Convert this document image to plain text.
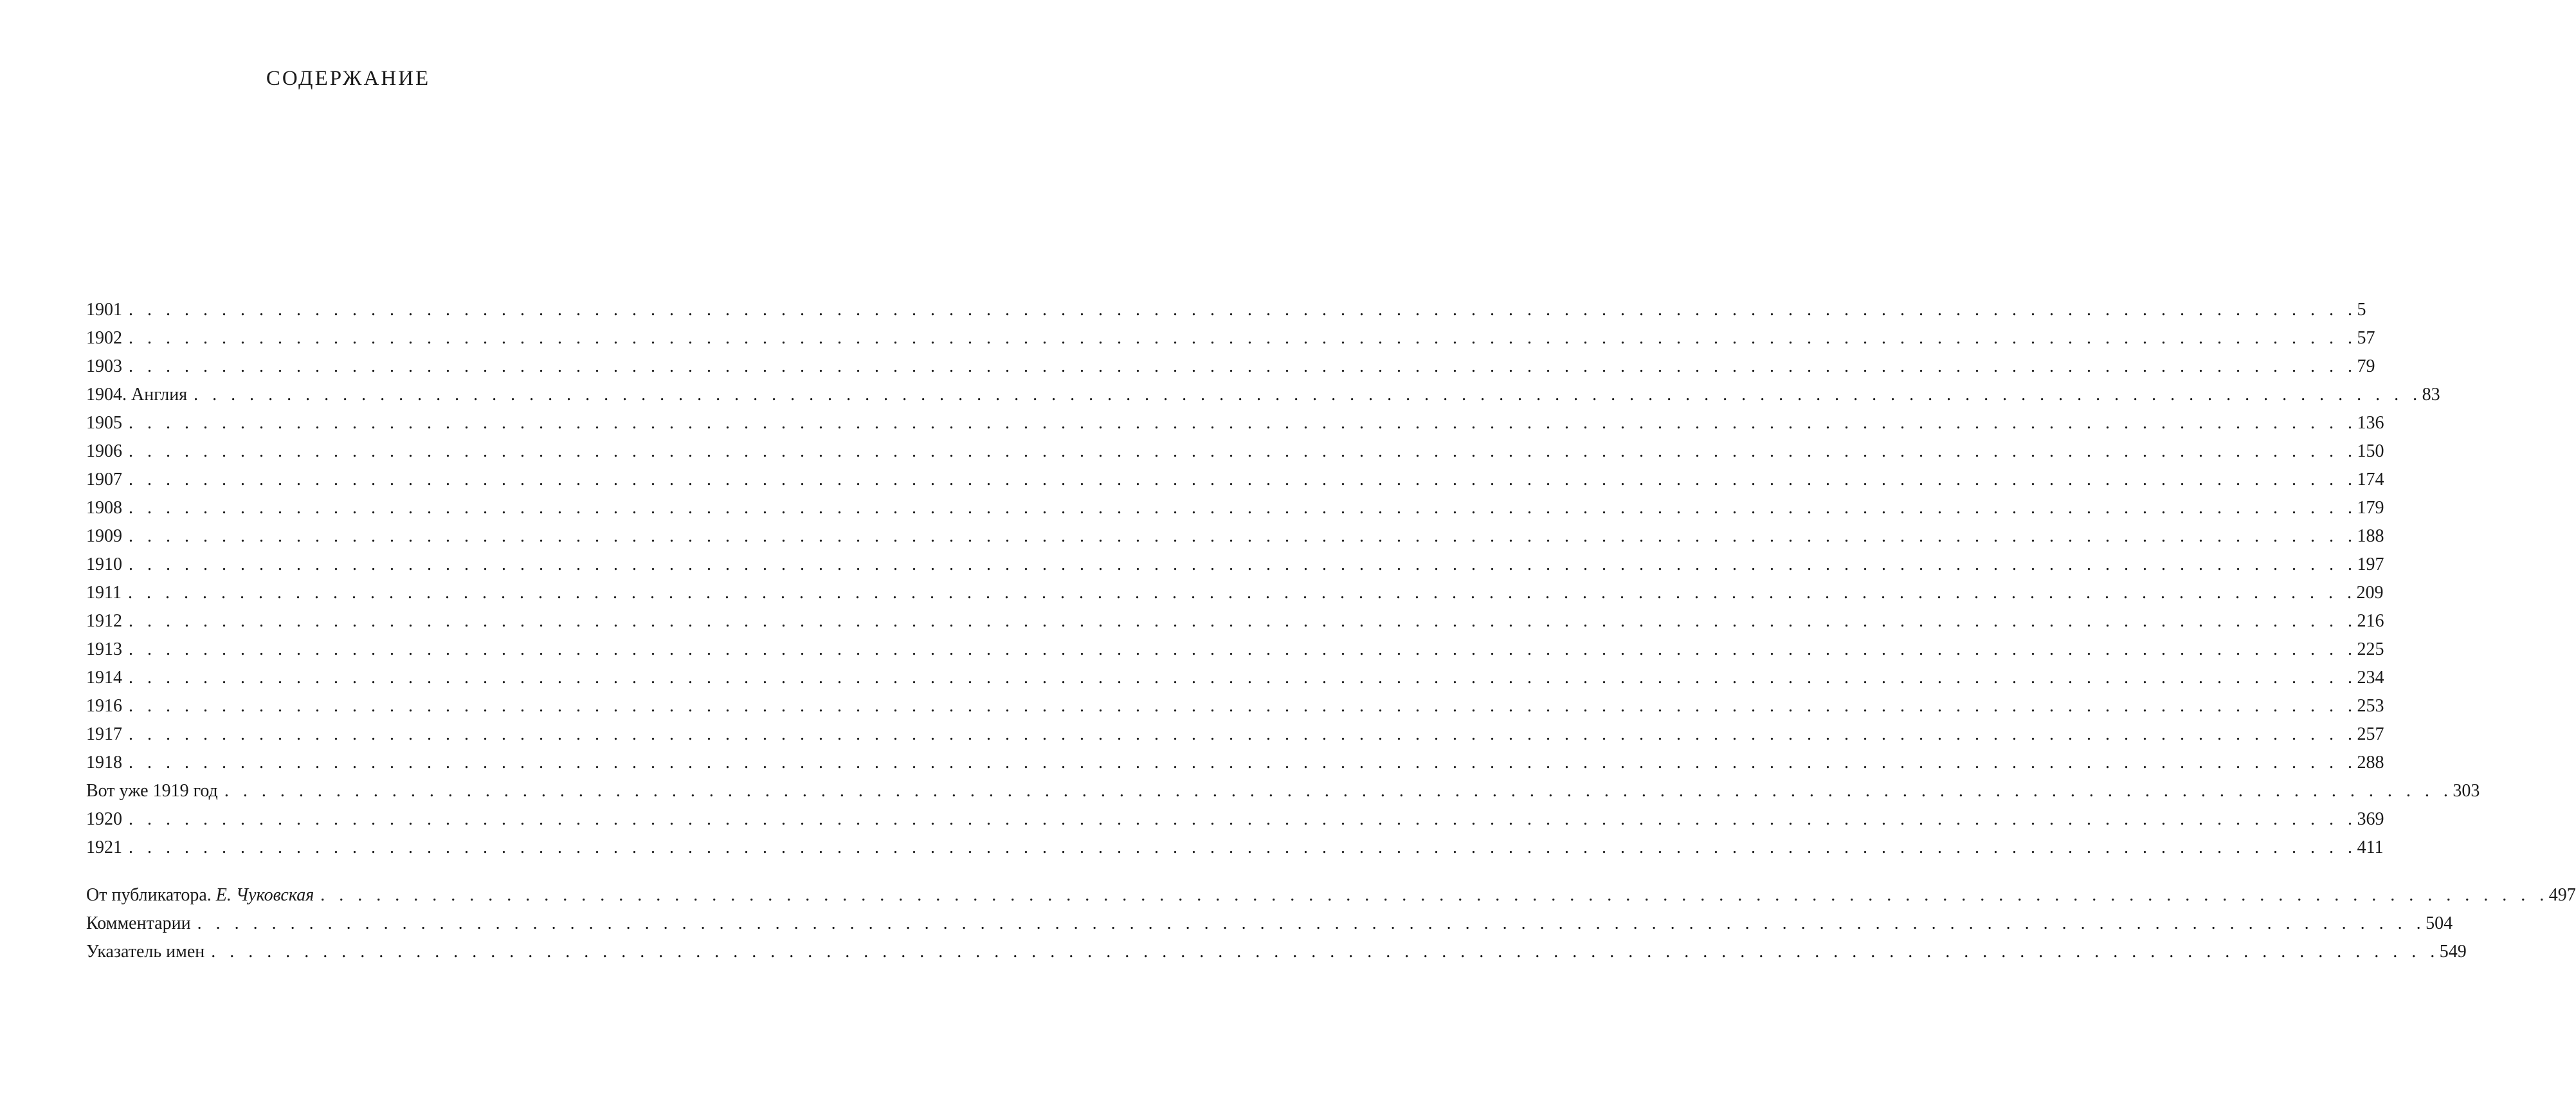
СОДЕРЖАНИЕ
1901 . . . . . . . . . . . . . . . . . . . . . . . . . . . . . . . . . . . . . . . . . . . . . . . . . . . . . . . . . . . . . . . . . . . . . . . . . . . . . . . . . . . . . . . . . . . . . . . . . . . . . . . . . . . . . . . . . . . . . . . . 5
1902 . . . . . . . . . . . . . . . . . . . . . . . . . . . . . . . . . . . . . . . . . . . . . . . . . . . . . . . . . . . . . . . . . . . . . . . . . . . . . . . . . . . . . . . . . . . . . . . . . . . . . . . . . . . . . . . . . . . . . . . . 57
1903 . . . . . . . . . . . . . . . . . . . . . . . . . . . . . . . . . . . . . . . . . . . . . . . . . . . . . . . . . . . . . . . . . . . . . . . . . . . . . . . . . . . . . . . . . . . . . . . . . . . . . . . . . . . . . . . . . . . . . . . . 79
1904. Англия . . . . . . . . . . . . . . . . . . . . . . . . . . . . . . . . . . . . . . . . . . . . . . . . . . . . . . . . . . . . . . . . . . . . . . . . . . . . . . . . . . . . . . . . . . . . . . . . . . . . . . . . . . . . . . . . . . . . . . . . 83
1905 . . . . . . . . . . . . . . . . . . . . . . . . . . . . . . . . . . . . . . . . . . . . . . . . . . . . . . . . . . . . . . . . . . . . . . . . . . . . . . . . . . . . . . . . . . . . . . . . . . . . . . . . . . . . . . . . . . . . . . . . 136
1906 . . . . . . . . . . . . . . . . . . . . . . . . . . . . . . . . . . . . . . . . . . . . . . . . . . . . . . . . . . . . . . . . . . . . . . . . . . . . . . . . . . . . . . . . . . . . . . . . . . . . . . . . . . . . . . . . . . . . . . . . 150
1907 . . . . . . . . . . . . . . . . . . . . . . . . . . . . . . . . . . . . . . . . . . . . . . . . . . . . . . . . . . . . . . . . . . . . . . . . . . . . . . . . . . . . . . . . . . . . . . . . . . . . . . . . . . . . . . . . . . . . . . . . 174
1908 . . . . . . . . . . . . . . . . . . . . . . . . . . . . . . . . . . . . . . . . . . . . . . . . . . . . . . . . . . . . . . . . . . . . . . . . . . . . . . . . . . . . . . . . . . . . . . . . . . . . . . . . . . . . . . . . . . . . . . . . 179
1909 . . . . . . . . . . . . . . . . . . . . . . . . . . . . . . . . . . . . . . . . . . . . . . . . . . . . . . . . . . . . . . . . . . . . . . . . . . . . . . . . . . . . . . . . . . . . . . . . . . . . . . . . . . . . . . . . . . . . . . . . 188
1910 . . . . . . . . . . . . . . . . . . . . . . . . . . . . . . . . . . . . . . . . . . . . . . . . . . . . . . . . . . . . . . . . . . . . . . . . . . . . . . . . . . . . . . . . . . . . . . . . . . . . . . . . . . . . . . . . . . . . . . . . 197
1911 . . . . . . . . . . . . . . . . . . . . . . . . . . . . . . . . . . . . . . . . . . . . . . . . . . . . . . . . . . . . . . . . . . . . . . . . . . . . . . . . . . . . . . . . . . . . . . . . . . . . . . . . . . . . . . . . . . . . . . . . 209
1912 . . . . . . . . . . . . . . . . . . . . . . . . . . . . . . . . . . . . . . . . . . . . . . . . . . . . . . . . . . . . . . . . . . . . . . . . . . . . . . . . . . . . . . . . . . . . . . . . . . . . . . . . . . . . . . . . . . . . . . . . 216
1913 . . . . . . . . . . . . . . . . . . . . . . . . . . . . . . . . . . . . . . . . . . . . . . . . . . . . . . . . . . . . . . . . . . . . . . . . . . . . . . . . . . . . . . . . . . . . . . . . . . . . . . . . . . . . . . . . . . . . . . . . 225
1914 . . . . . . . . . . . . . . . . . . . . . . . . . . . . . . . . . . . . . . . . . . . . . . . . . . . . . . . . . . . . . . . . . . . . . . . . . . . . . . . . . . . . . . . . . . . . . . . . . . . . . . . . . . . . . . . . . . . . . . . . 234
1916 . . . . . . . . . . . . . . . . . . . . . . . . . . . . . . . . . . . . . . . . . . . . . . . . . . . . . . . . . . . . . . . . . . . . . . . . . . . . . . . . . . . . . . . . . . . . . . . . . . . . . . . . . . . . . . . . . . . . . . . . 253
1917 . . . . . . . . . . . . . . . . . . . . . . . . . . . . . . . . . . . . . . . . . . . . . . . . . . . . . . . . . . . . . . . . . . . . . . . . . . . . . . . . . . . . . . . . . . . . . . . . . . . . . . . . . . . . . . . . . . . . . . . . 257
1918 . . . . . . . . . . . . . . . . . . . . . . . . . . . . . . . . . . . . . . . . . . . . . . . . . . . . . . . . . . . . . . . . . . . . . . . . . . . . . . . . . . . . . . . . . . . . . . . . . . . . . . . . . . . . . . . . . . . . . . . . 288
Вот уже 1919 год . . . . . . . . . . . . . . . . . . . . . . . . . . . . . . . . . . . . . . . . . . . . . . . . . . . . . . . . . . . . . . . . . . . . . . . . . . . . . . . . . . . . . . . . . . . . . . . . . . . . . . . . . . . . . . . . . . . . . . . . 303
1920 . . . . . . . . . . . . . . . . . . . . . . . . . . . . . . . . . . . . . . . . . . . . . . . . . . . . . . . . . . . . . . . . . . . . . . . . . . . . . . . . . . . . . . . . . . . . . . . . . . . . . . . . . . . . . . . . . . . . . . . . 369
1921 . . . . . . . . . . . . . . . . . . . . . . . . . . . . . . . . . . . . . . . . . . . . . . . . . . . . . . . . . . . . . . . . . . . . . . . . . . . . . . . . . . . . . . . . . . . . . . . . . . . . . . . . . . . . . . . . . . . . . . . . 411
От публикатора. Е. Чуковская . . . . . . . . . . . . . . . . . . . . . . . . . . . . . . . . . . . . . . . . . . . . . . . . . . . . . . . . . . . . . . . . . . . . . . . . . . . . . . . . . . . . . . . . . . . . . . . . . . . . . . . . . . . . . . . . . . . . . . . . 497
Комментарии . . . . . . . . . . . . . . . . . . . . . . . . . . . . . . . . . . . . . . . . . . . . . . . . . . . . . . . . . . . . . . . . . . . . . . . . . . . . . . . . . . . . . . . . . . . . . . . . . . . . . . . . . . . . . . . . . . . . . . . . 504
Указатель имен . . . . . . . . . . . . . . . . . . . . . . . . . . . . . . . . . . . . . . . . . . . . . . . . . . . . . . . . . . . . . . . . . . . . . . . . . . . . . . . . . . . . . . . . . . . . . . . . . . . . . . . . . . . . . . . . . . . . . . . . 549
